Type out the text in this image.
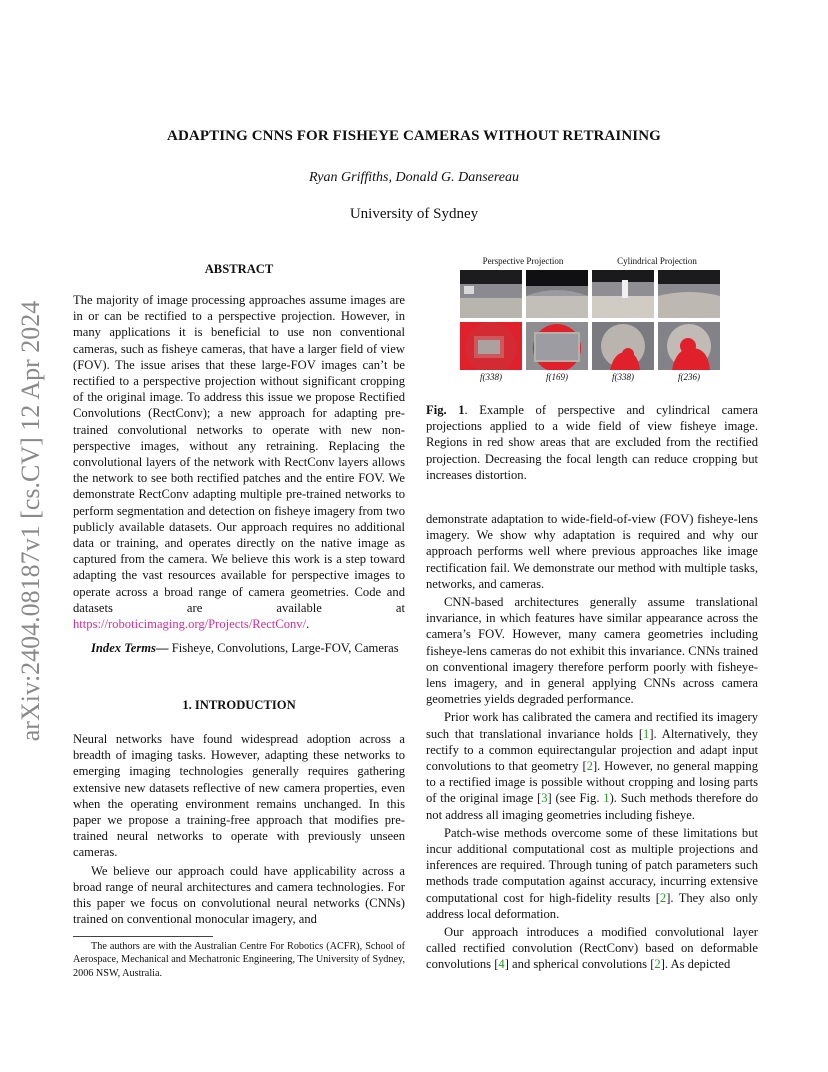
arXiv:2404.08187v1 [cs.CV] 12 Apr 2024
ADAPTING CNNS FOR FISHEYE CAMERAS WITHOUT RETRAINING
Ryan Griffiths, Donald G. Dansereau
University of Sydney
ABSTRACT

The majority of image processing approaches assume images are in or can be rectified to a perspective projection. However, in many applications it is beneficial to use non conventional cameras, such as fisheye cameras, that have a larger field of view (FOV). The issue arises that these large-FOV images can’t be rectified to a perspective projection without significant cropping of the original image. To address this issue we propose Rectified Convolutions (RectConv); a new approach for adapting pre-trained convolutional networks to operate with new non-perspective images, without any retraining. Replacing the convolutional layers of the network with RectConv layers allows the network to see both rectified patches and the entire FOV. We demonstrate RectConv adapting multiple pre-trained networks to perform segmentation and detection on fisheye imagery from two publicly available datasets. Our approach requires no additional data or training, and operates directly on the native image as captured from the camera. We believe this work is a step toward adapting the vast resources available for perspective images to operate across a broad range of camera geometries. Code and datasets are available at https://roboticimaging.org/Projects/RectConv/.

Index Terms— Fisheye, Convolutions, Large-FOV, Cameras

1. INTRODUCTION

Neural networks have found widespread adoption across a breadth of imaging tasks. However, adapting these networks to emerging imaging technologies generally requires gathering extensive new datasets reflective of new camera properties, even when the operating environment remains unchanged. In this paper we propose a training-free approach that modifies pre-trained neural networks to operate with previously unseen cameras.

We believe our approach could have applicability across a broad range of neural architectures and camera technologies. For this paper we focus on convolutional neural networks (CNNs) trained on conventional monocular imagery, and

The authors are with the Australian Centre For Robotics (ACFR), School of Aerospace, Mechanical and Mechatronic Engineering, The University of Sydney, 2006 NSW, Australia.
Perspective Projection	Cylindrical Projection
f(338)	f(169)	f(338)	f(236)
Fig. 1. Example of perspective and cylindrical camera projections applied to a wide field of view fisheye image. Regions in red show areas that are excluded from the rectified projection. Decreasing the focal length can reduce cropping but increases distortion.

demonstrate adaptation to wide-field-of-view (FOV) fisheye-lens imagery. We show why adaptation is required and why our approach performs well where previous approaches like image rectification fail. We demonstrate our method with multiple tasks, networks, and cameras.

CNN-based architectures generally assume translational invariance, in which features have similar appearance across the camera’s FOV. However, many camera geometries including fisheye-lens cameras do not exhibit this invariance. CNNs trained on conventional imagery therefore perform poorly with fisheye-lens imagery, and in general applying CNNs across camera geometries yields degraded performance.

Prior work has calibrated the camera and rectified its imagery such that translational invariance holds [1]. Alternatively, they rectify to a common equirectangular projection and adapt input convolutions to that geometry [2]. However, no general mapping to a rectified image is possible without cropping and losing parts of the original image [3] (see Fig. 1). Such methods therefore do not address all imaging geometries including fisheye.

Patch-wise methods overcome some of these limitations but incur additional computational cost as multiple projections and inferences are required. Through tuning of patch parameters such methods trade computation against accuracy, incurring extensive computational cost for high-fidelity results [2]. They also only address local deformation.

Our approach introduces a modified convolutional layer called rectified convolution (RectConv) based on deformable convolutions [4] and spherical convolutions [2]. As depicted
